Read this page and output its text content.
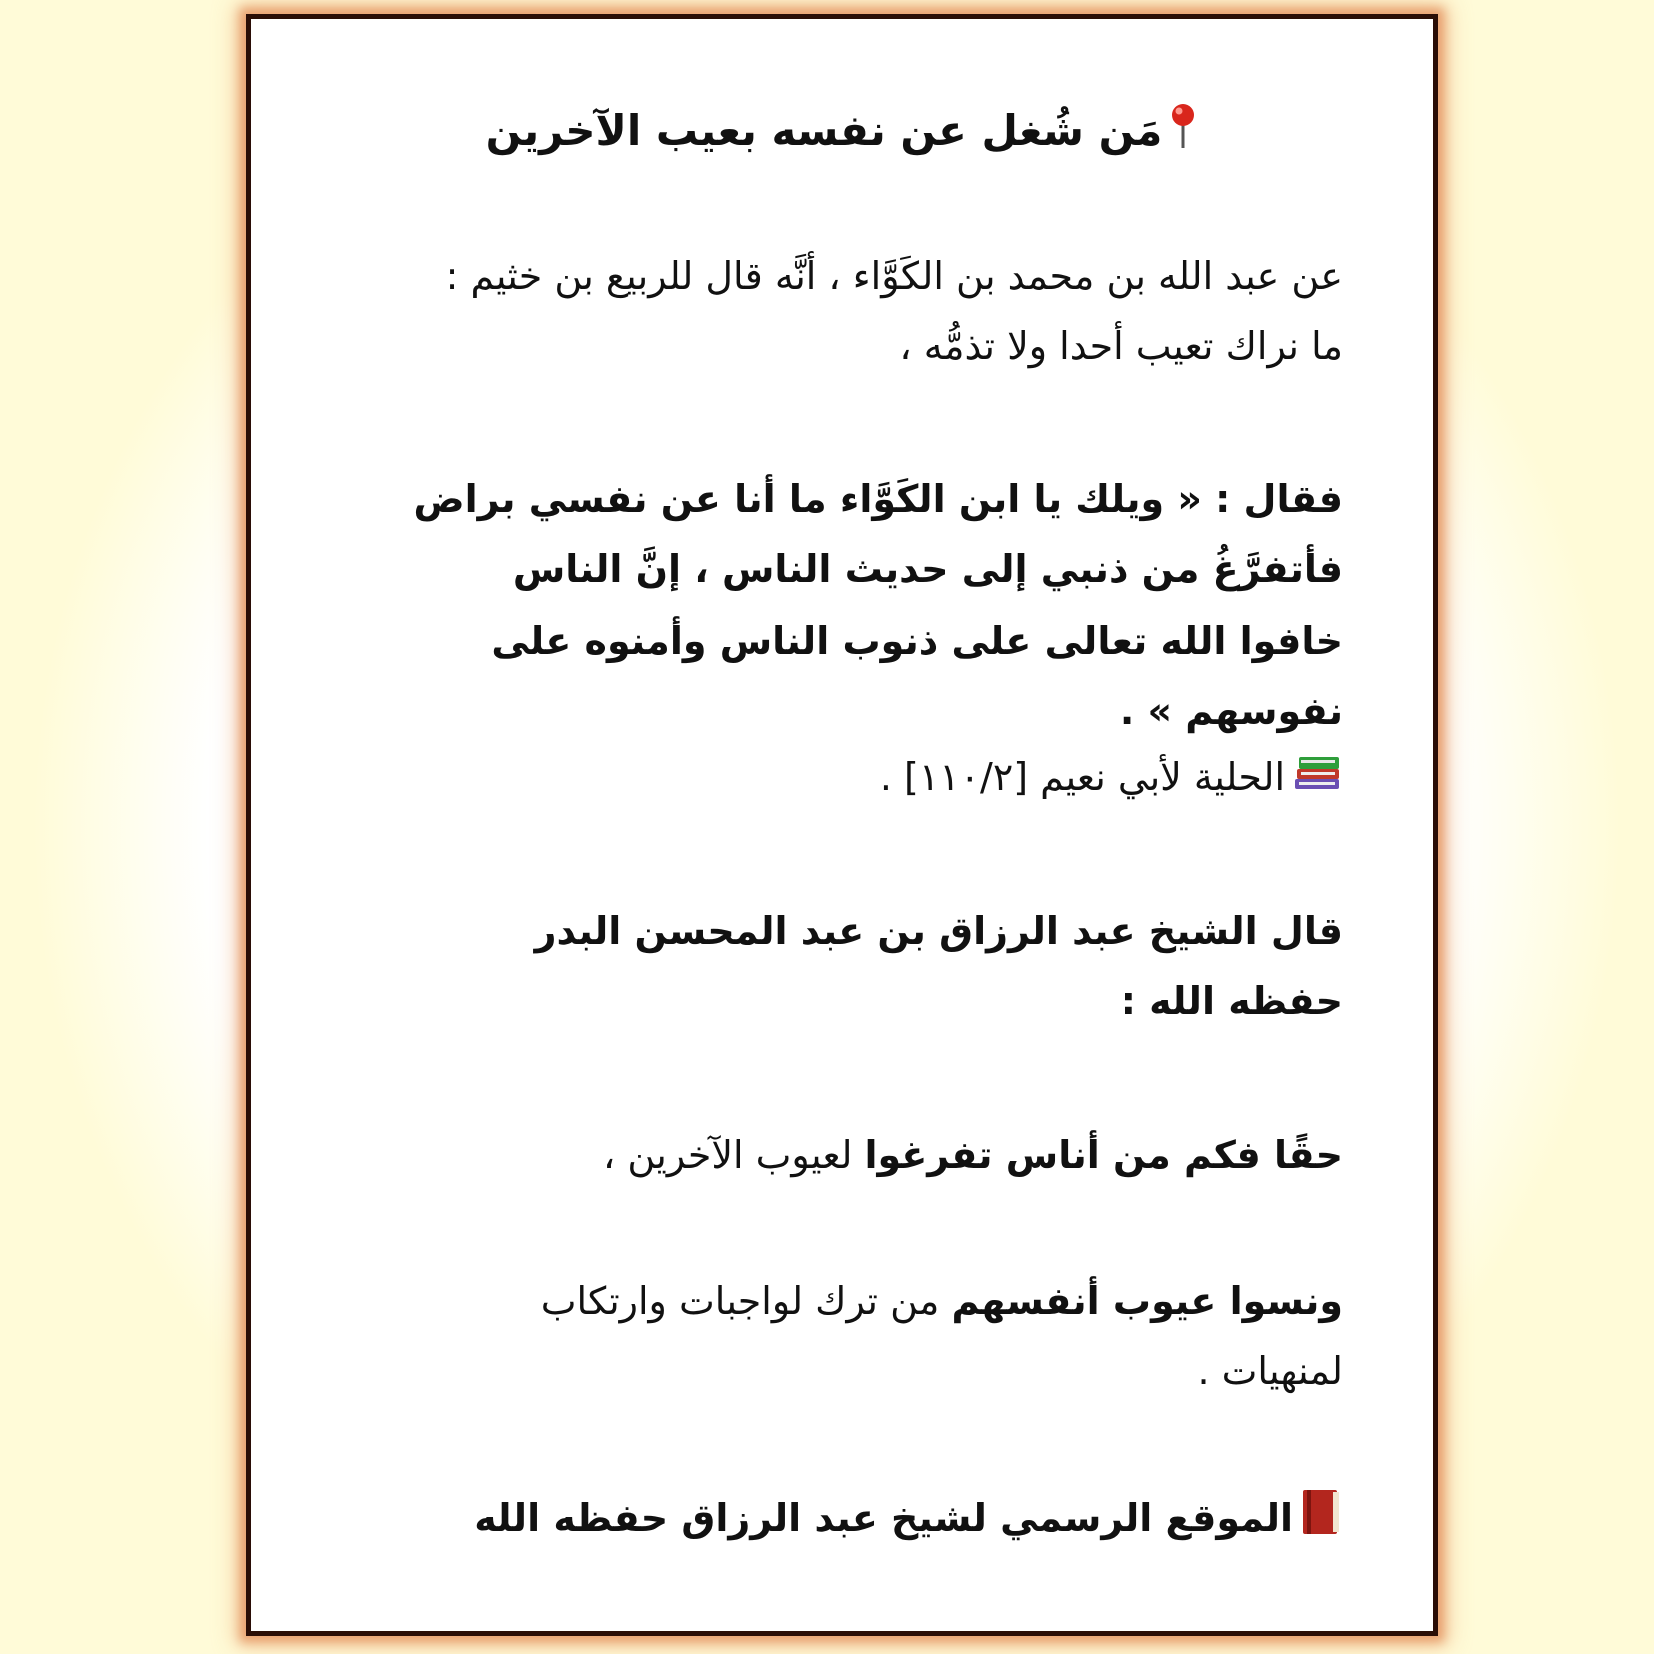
مَن شُغل عن نفسه بعيب الآخرين
عن عبد الله بن محمد بن الكَوَّاء ، أنَّه قال للربيع بن خثيم :
ما نراك تعيب أحدا ولا تذمُّه ،
فقال : « ويلك يا ابن الكَوَّاء ما أنا عن نفسي براض
فأتفرَّغُ من ذنبي إلى حديث الناس ، إنَّ الناس
خافوا الله تعالى على ذنوب الناس وأمنوه على
نفوسهم » .
الحلية لأبي نعيم [١١٠/٢] .
قال الشيخ عبد الرزاق بن عبد المحسن البدر
حفظه الله :
حقًا فكم من أناس تفرغوا لعيوب الآخرين ،
ونسوا عيوب أنفسهم من ترك لواجبات وارتكاب
لمنهيات .
الموقع الرسمي لشيخ عبد الرزاق حفظه الله
